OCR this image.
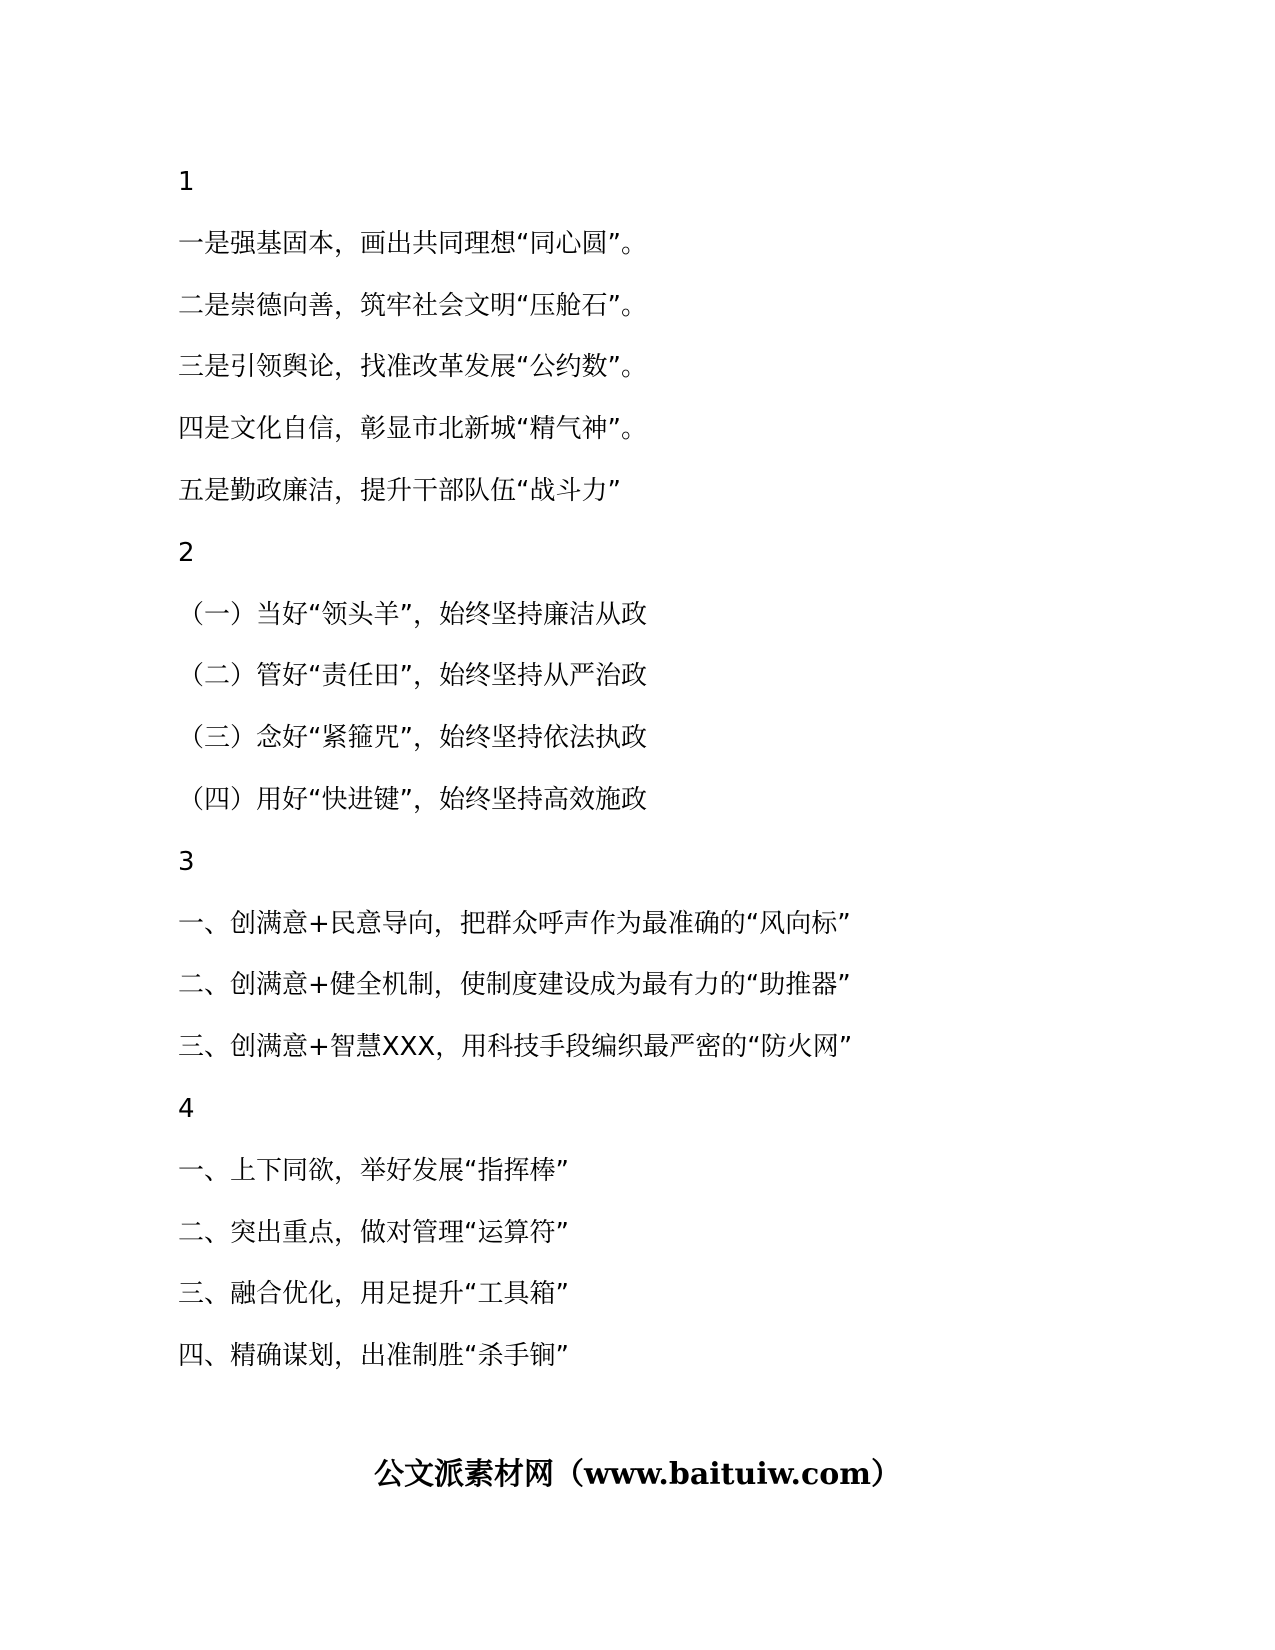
1
一是强基固本，画出共同理想“同心圆”。
二是崇德向善，筑牢社会文明“压舱石”。
三是引领舆论，找准改革发展“公约数”。
四是文化自信，彰显市北新城“精气神”。
五是勤政廉洁，提升干部队伍“战斗力”
2
（一）当好“领头羊”，始终坚持廉洁从政
（二）管好“责任田”，始终坚持从严治政
（三）念好“紧箍咒”，始终坚持依法执政
（四）用好“快进键”，始终坚持高效施政
3
一、创满意+民意导向，把群众呼声作为最准确的“风向标”
二、创满意+健全机制，使制度建设成为最有力的“助推器”
三、创满意+智慧XXX，用科技手段编织最严密的“防火网”
4
一、上下同欲，举好发展“指挥棒”
二、突出重点，做对管理“运算符”
三、融合优化，用足提升“工具箱”
四、精确谋划，出准制胜“杀手锏”
公文派素材网（www.baituiw.com）
